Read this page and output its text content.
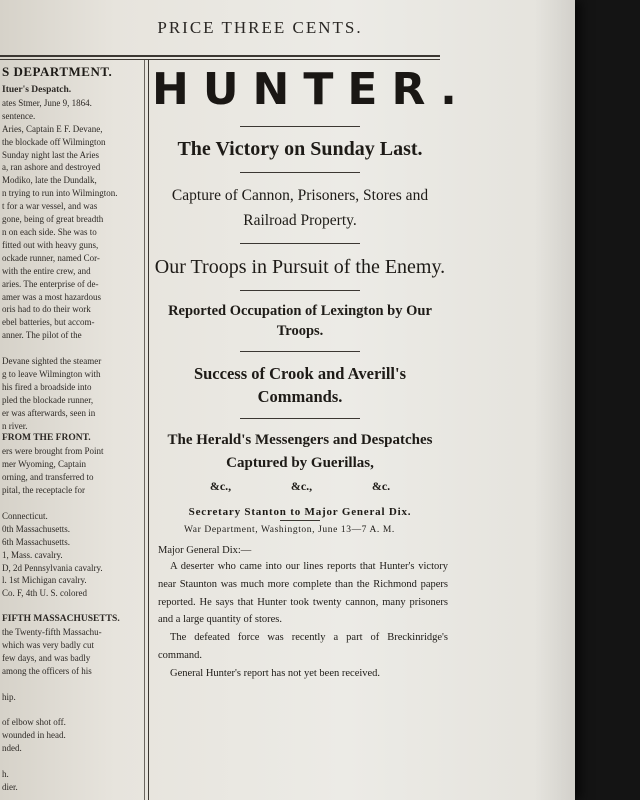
PRICE THREE CENTS.
S DEPARTMENT.
Ituer's Despatch.
ates Stmer, June 9, 1864.
sentence.
Aries, Captain E F. Devane,
the blockade off Wilmington
Sunday night last the Aries
a, ran ashore and destroyed
Modiko, late the Dundalk,
n trying to run into Wilmington.
t for a war vessel, and was
gone, being of great breadth
n on each side. She was to
fitted out with heavy guns,
ockade runner, named Cor-
with the entire crew, and
aries. The enterprise of de-
amer was a most hazardous
oris had to do their work
ebel batteries, but accom-
anner. The pilot of the

Devane sighted the steamer
g to leave Wilmington with
his fired a broadside into
pled the blockade runner,
er was afterwards, seen in
n river.
FROM THE FRONT.
ers were brought from Point
mer Wyoming, Captain
orning, and transferred to
pital, the receptacle for

Connecticut.
0th Massachusetts.
6th Massachusetts.
1, Mass. cavalry.
D, 2d Pennsylvania cavalry.
l. 1st Michigan cavalry.
Co. F, 4th U. S. colored

FIFTH MASSACHUSETTS.
the Twenty-fifth Massachu-
which was very badly cut
few days, and was badly
among the officers of his

hip.

of elbow shot off.
wounded in head.
nded.

h.
dier.
HUNTER.
The Victory on Sunday Last.
Capture of Cannon, Prisoners, Stores and Railroad Property.
Our Troops in Pursuit of the Enemy.
Reported Occupation of Lexington by Our Troops.
Success of Crook and Averill's Commands.
The Herald's Messengers and Despatches Captured by Guerillas,
&c.,	&c.,	&c.
Secretary Stanton to Major General Dix.
War Department, Washington, June 13—7 A. M.
Major General Dix:—

A deserter who came into our lines reports that Hunter's victory near Staunton was much more complete than the Richmond papers reported. He says that Hunter took twenty cannon, many prisoners and a large quantity of stores.

The defeated force was recently a part of Breckinridge's command.

General Hunter's report has not yet been received.
